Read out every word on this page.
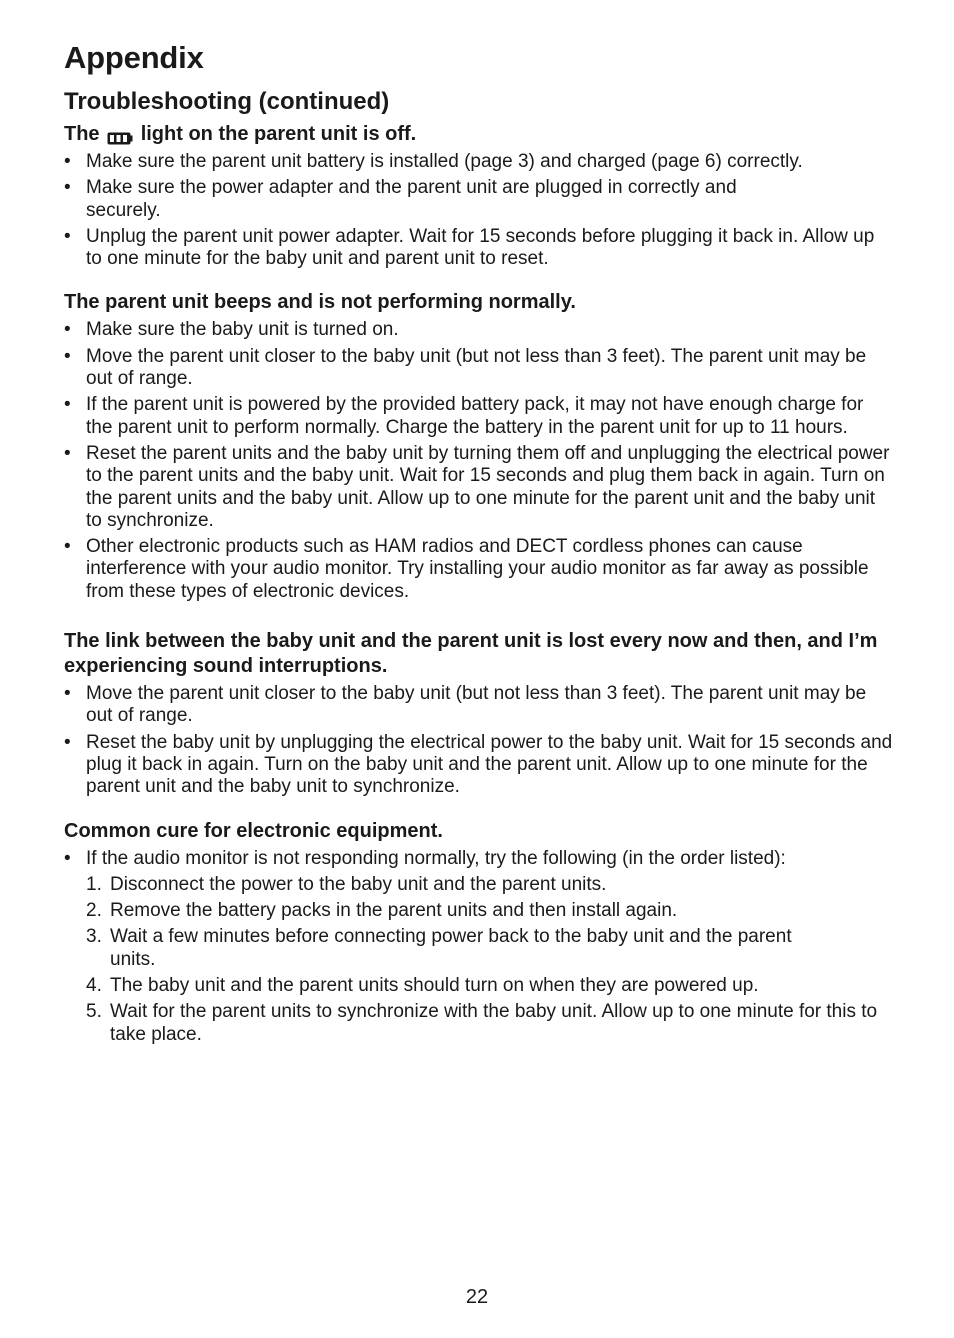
Appendix
Troubleshooting (continued)
The light on the parent unit is off.
• Make sure the parent unit battery is installed (page 3) and charged (page 6) correctly.
• Make sure the power adapter and the parent unit are plugged in correctly and securely.
• Unplug the parent unit power adapter. Wait for 15 seconds before plugging it back in. Allow up to one minute for the baby unit and parent unit to reset.
The parent unit beeps and is not performing normally.
• Make sure the baby unit is turned on.
• Move the parent unit closer to the baby unit (but not less than 3 feet). The parent unit may be out of range.
• If the parent unit is powered by the provided battery pack, it may not have enough charge for the parent unit to perform normally. Charge the battery in the parent unit for up to 11 hours.
• Reset the parent units and the baby unit by turning them off and unplugging the electrical power to the parent units and the baby unit. Wait for 15 seconds and plug them back in again. Turn on the parent units and the baby unit. Allow up to one minute for the parent unit and the baby unit to synchronize.
• Other electronic products such as HAM radios and DECT cordless phones can cause interference with your audio monitor. Try installing your audio monitor as far away as possible from these types of electronic devices.
The link between the baby unit and the parent unit is lost every now and then, and I’m experiencing sound interruptions.
• Move the parent unit closer to the baby unit (but not less than 3 feet). The parent unit may be out of range.
• Reset the baby unit by unplugging the electrical power to the baby unit. Wait for 15 seconds and plug it back in again. Turn on the baby unit and the parent unit. Allow up to one minute for the parent unit and the baby unit to synchronize.
Common cure for electronic equipment.
• If the audio monitor is not responding normally, try the following (in the order listed):
1. Disconnect the power to the baby unit and the parent units.
2. Remove the battery packs in the parent units and then install again.
3. Wait a few minutes before connecting power back to the baby unit and the parent units.
4. The baby unit and the parent units should turn on when they are powered up.
5. Wait for the parent units to synchronize with the baby unit. Allow up to one minute for this to take place.
22
